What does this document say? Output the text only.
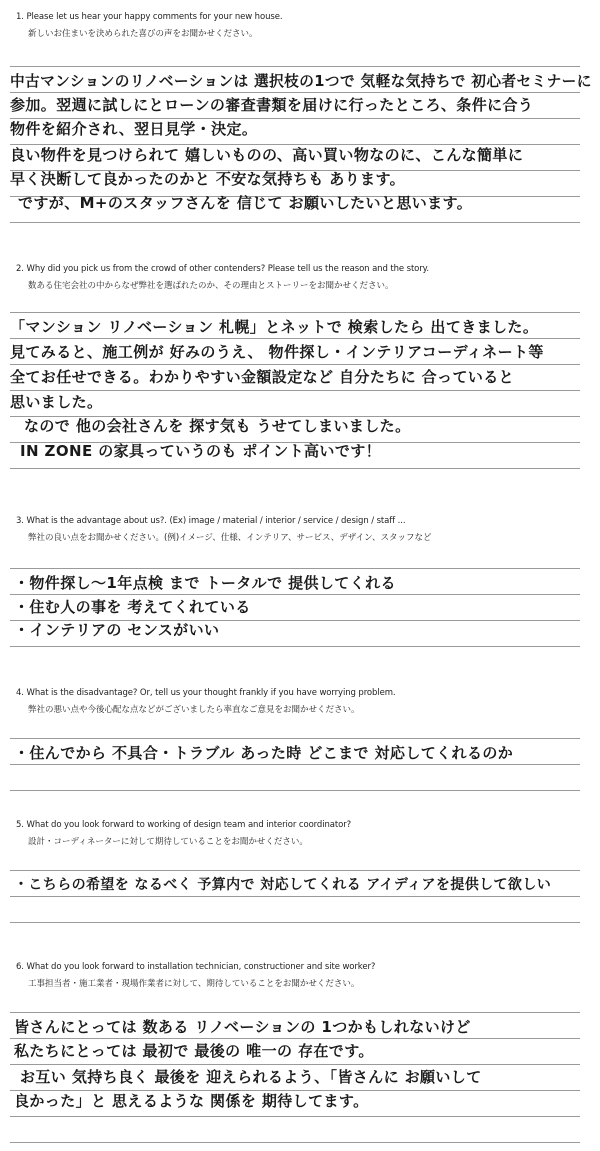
1. Please let us hear your happy comments for your new house.
新しいお住まいを決められた喜びの声をお聞かせください。
中古マンションのリノベーションは 選択枝の1つで 気軽な気持ちで 初心者セミナーに
参加。翌週に試しにとローンの審査書類を届けに行ったところ、条件に合う
物件を紹介され、翌日見学・決定。
良い物件を見つけられて 嬉しいものの、高い買い物なのに、こんな簡単に
早く決断して良かったのかと 不安な気持ちも あります。
ですが、M+のスタッフさんを 信じて お願いしたいと思います。
2. Why did you pick us from the crowd of other contenders? Please tell us the reason and the story.
数ある住宅会社の中からなぜ弊社を選ばれたのか、その理由とストーリーをお聞かせください。
「マンション リノベーション 札幌」とネットで 検索したら 出てきました。
見てみると、施工例が 好みのうえ、 物件探し・インテリアコーディネート等
全てお任せできる。わかりやすい金額設定など 自分たちに 合っていると
思いました。
なので 他の会社さんを 探す気も うせてしまいました。
IN ZONE の家具っていうのも ポイント高いです！
3. What is the advantage about us?. (Ex) image / material / interior / service / design / staff ...
弊社の良い点をお聞かせください。(例)イメージ、仕様、インテリア、サービス、デザイン、スタッフなど
・物件探し〜1年点検 まで トータルで 提供してくれる
・住む人の事を 考えてくれている
・インテリアの センスがいい
4. What is the disadvantage? Or, tell us your thought frankly if you have worrying problem.
弊社の悪い点や今後心配な点などがございましたら率直なご意見をお聞かせください。
・住んでから 不具合・トラブル あった時 どこまで 対応してくれるのか
5. What do you look forward to working of design team and interior coordinator?
設計・コーディネーターに対して期待していることをお聞かせください。
・こちらの希望を なるべく 予算内で 対応してくれる アイディアを提供して欲しい
6. What do you look forward to installation technician, constructioner and site worker?
工事担当者・施工業者・現場作業者に対して、期待していることをお聞かせください。
皆さんにとっては 数ある リノベーションの 1つかもしれないけど
私たちにとっては 最初で 最後の 唯一の 存在です。
お互い 気持ち良く 最後を 迎えられるよう、「皆さんに お願いして
良かった」と 思えるような 関係を 期待してます。
